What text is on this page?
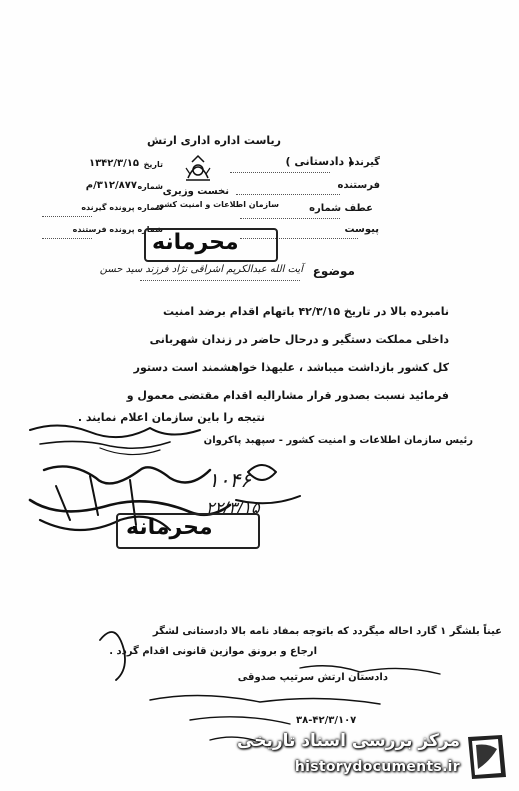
ریاست اداره اداری ارتش
گیرنده
( دادستانی )
فرستنده
عطف شماره
پیوست
۱۳۴۲/۳/۱۵ تاریخ
۳۱۲/۸۷۷/م شماره
شماره پرونده گیرنده
شماره پرونده فرستنده
نخست وزیری
سازمان اطلاعات و امنیت کشور
محرمانه
موضوع
آیت الله عبدالکریم اشراقی نژاد فرزند سید حسن
نامبرده بالا در تاریخ ۴۲/۳/۱۵ باتهام اقدام برضد امنیت
داخلی مملکت دستگیر و درحال حاضر در زندان شهربانی
کل کشور بازداشت میباشد ، علیهذا خواهشمند است دستور
فرمائید نسبت بصدور قرار مشارالیه اقدام مقتضی معمول و
نتیجه را باین سازمان اعلام نمایند .
رئیس سازمان اطلاعات و امنیت کشور - سپهبد پاکروان
۱۰۴۶
۲۲/۳/۱۵
محرمانه
عیناً بلشگر ۱ گارد احاله میگردد که باتوجه بمفاد نامه بالا دادستانی لشگر
ارجاع و برونق موازین قانونی اقدام گردد .
دادستان ارتش سرتیپ صدوقی
۳۸-۴۲/۳/۱۰۷
مرکز بررسی اسناد تاریخی
historydocuments.ir
